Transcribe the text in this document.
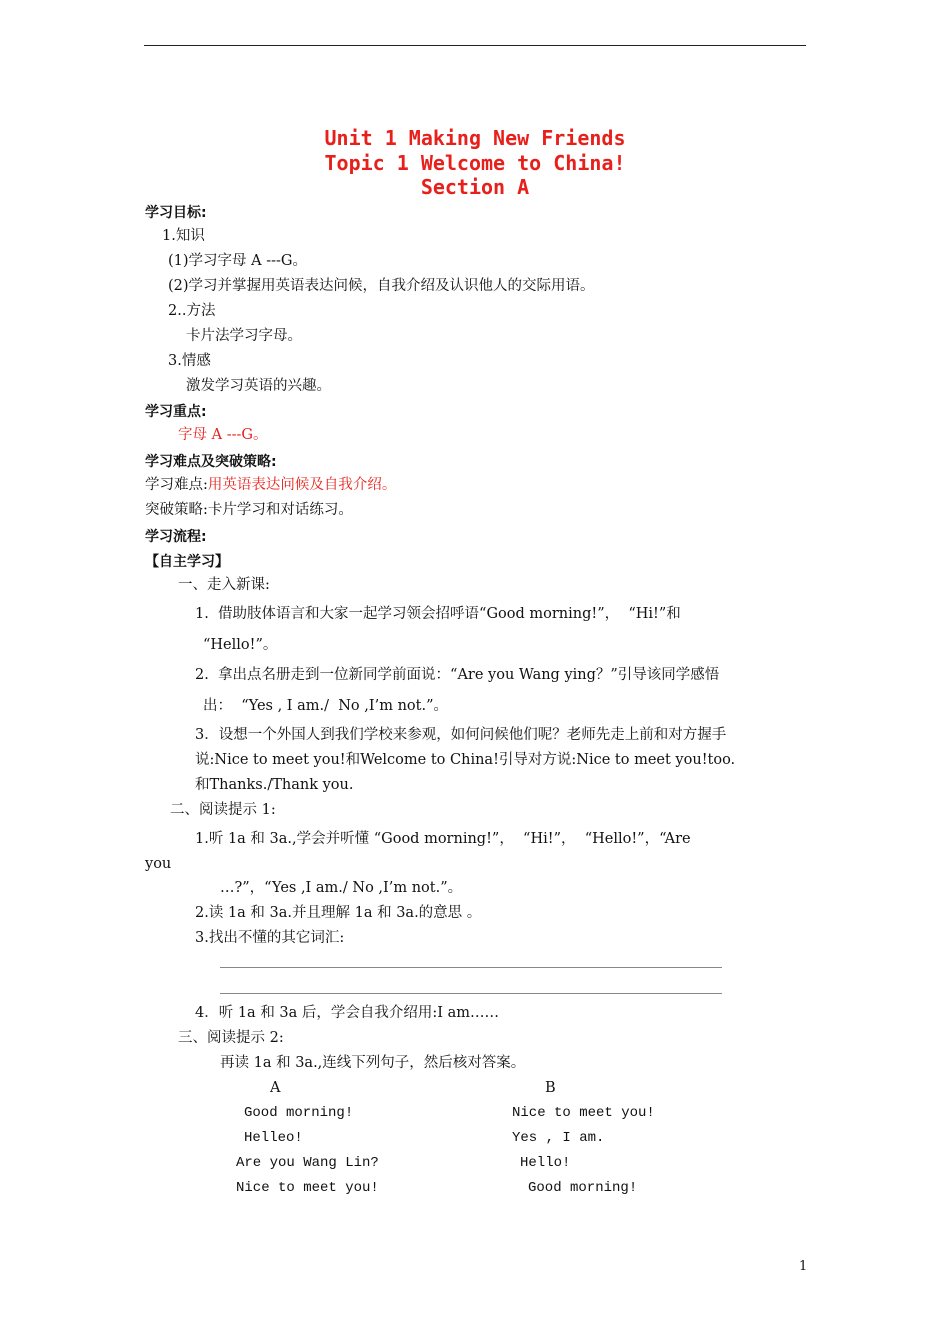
Unit 1 Making New Friends
Topic 1 Welcome to China!
Section A
学习目标:
1.知识
(1)学习字母 A ---G。
(2)学习并掌握用英语表达问候，自我介绍及认识他人的交际用语。
2..方法
卡片法学习字母。
3.情感
激发学习英语的兴趣。
学习重点:
字母 A ---G。
学习难点及突破策略:
学习难点:用英语表达问候及自我介绍。
突破策略:卡片学习和对话练习。
学习流程:
【自主学习】
一、走入新课:
1.  借助肢体语言和大家一起学习领会招呼语“Good morning!”，  “Hi!”和
“Hello!”。
2.  拿出点名册走到一位新同学前面说：“Are you Wang ying？”引导该同学感悟
出：  “Yes , I am./  No ,I’m not.”。
3．设想一个外国人到我们学校来参观，如何问候他们呢？老师先走上前和对方握手
说:Nice to meet you!和Welcome to China!引导对方说:Nice to meet you!too.
和Thanks./Thank you.
二、阅读提示 1:
1.听 1a 和 3a.,学会并听懂 “Good morning!”，  “Hi!”，  “Hello!”，“Are
you
…?”，“Yes ,I am./ No ,I’m not.”。
2.读 1a 和 3a.并且理解 1a 和 3a.的意思 。
3.找出不懂的其它词汇:
4．听 1a 和 3a 后，学会自我介绍用:I am……
三、阅读提示 2:
再读 1a 和 3a.,连线下列句子，然后核对答案。
A	B
Good morning!
Helleo!
Are you Wang Lin?
Nice to meet you!
Nice to meet you!
Yes , I am.
Hello!
Good morning!
1
